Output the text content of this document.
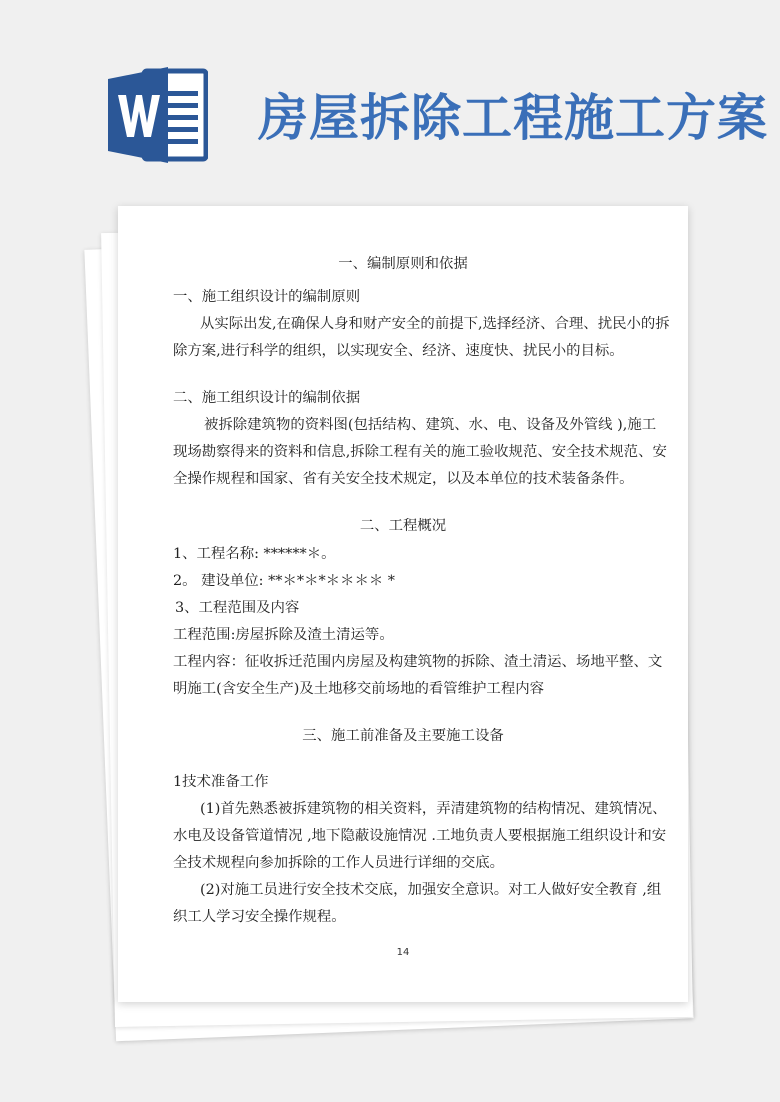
房屋拆除工程施工方案
一、编制原则和依据
一、施工组织设计的编制原则
从实际出发,在确保人身和财产安全的前提下,选择经济、合理、扰民小的拆
除方案,进行科学的组织，以实现安全、经济、速度快、扰民小的目标。
二、施工组织设计的编制依据
被拆除建筑物的资料图(包括结构、建筑、水、电、设备及外管线 ),施工
现场勘察得来的资料和信息,拆除工程有关的施工验收规范、安全技术规范、安
全操作规程和国家、省有关安全技术规定，以及本单位的技术装备条件。
二、工程概况
1、工程名称: ******＊。
2。 建设单位: **＊*＊*＊＊＊＊ *
3、工程范围及内容
工程范围:房屋拆除及渣土清运等。
工程内容：征收拆迁范围内房屋及构建筑物的拆除、渣土清运、场地平整、文
明施工(含安全生产)及土地移交前场地的看管维护工程内容
三、施工前准备及主要施工设备
1技术准备工作
(1)首先熟悉被拆建筑物的相关资料，弄清建筑物的结构情况、建筑情况、
水电及设备管道情况 ,地下隐蔽设施情况 .工地负责人要根据施工组织设计和安
全技术规程向参加拆除的工作人员进行详细的交底。
(2)对施工员进行安全技术交底，加强安全意识。对工人做好安全教育 ,组
织工人学习安全操作规程。
14
